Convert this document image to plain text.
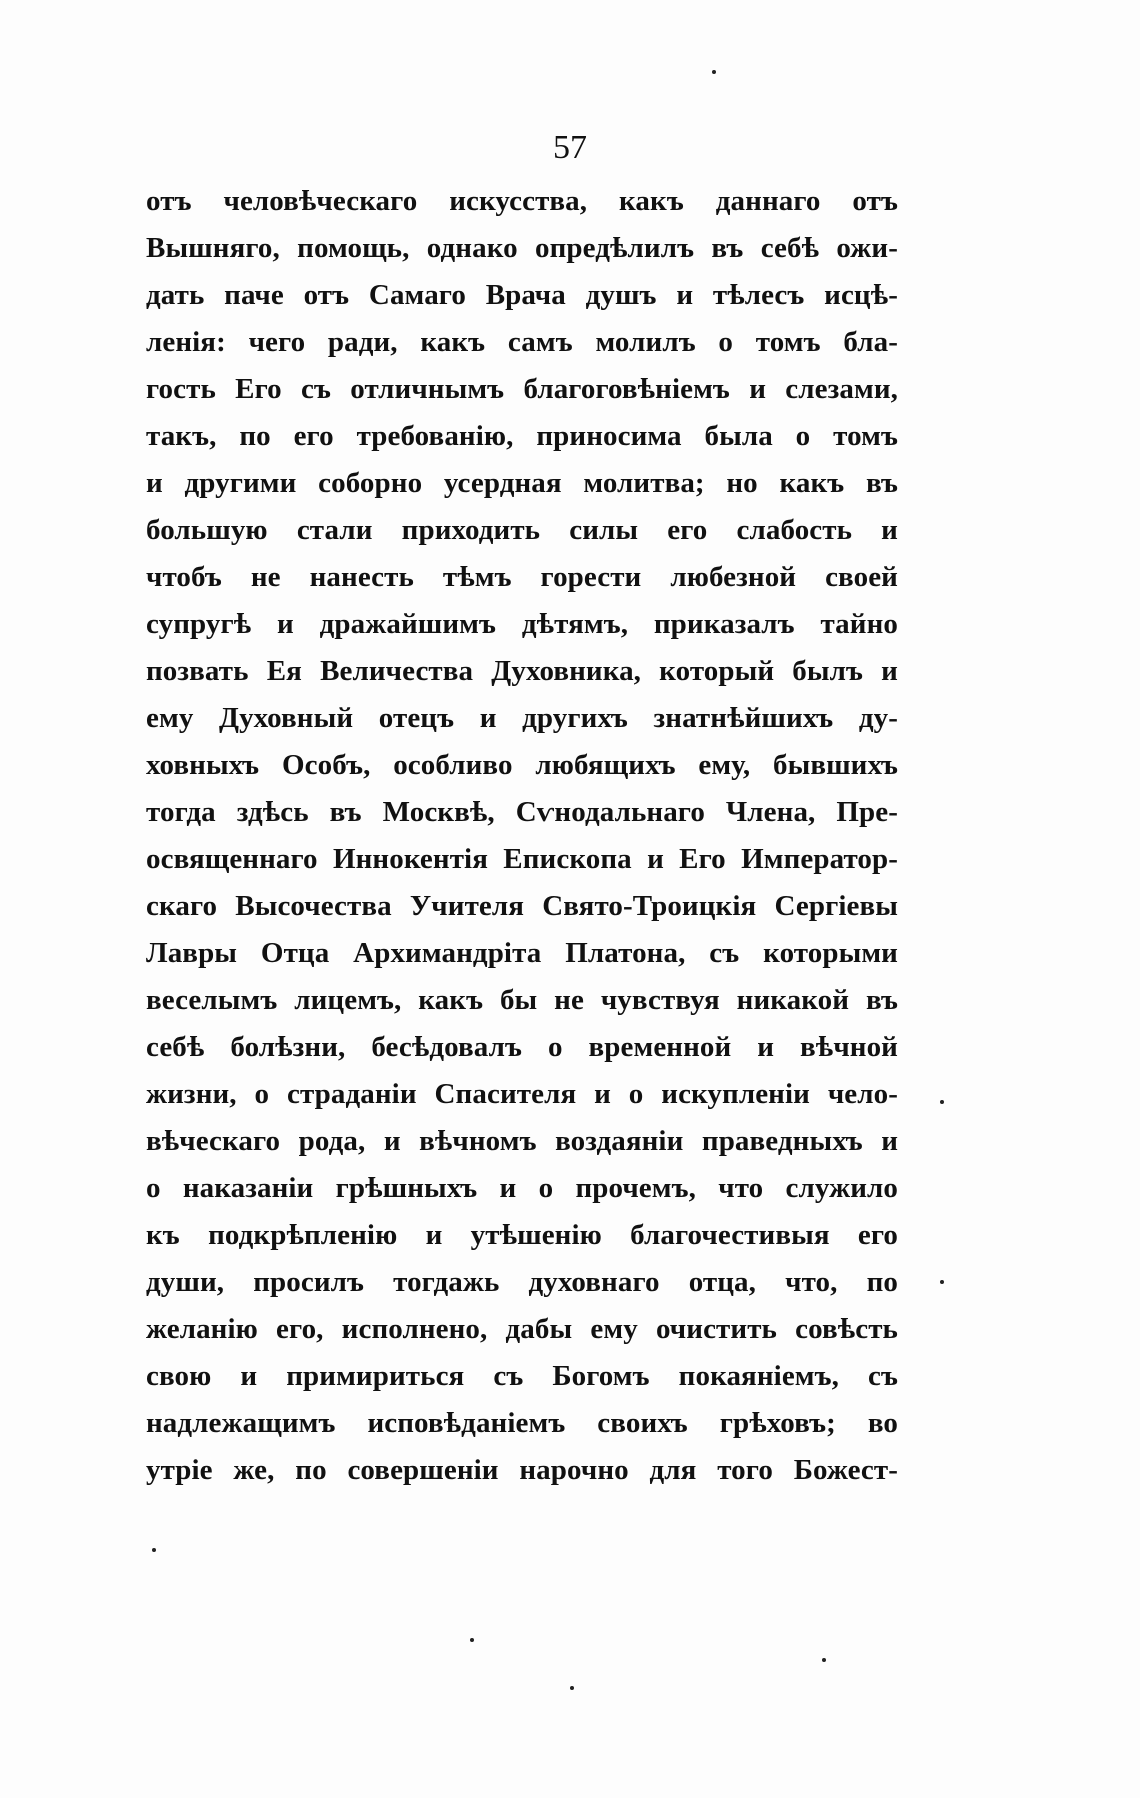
57
отъ человѣческаго искусства, какъ даннаго отъ
Вышняго, помощь, однако опредѣлилъ въ себѣ ожи-
дать паче отъ Самаго Врача душъ и тѣлесъ исцѣ-
ленія: чего ради, какъ самъ молилъ о томъ бла-
гость Его съ отличнымъ благоговѣніемъ и слезами,
такъ, по его требованію, приносима была о томъ
и другими соборно усердная молитва; но какъ въ
большую стали приходить силы его слабость и
чтобъ не нанесть тѣмъ горести любезной своей
супругѣ и дражайшимъ дѣтямъ, приказалъ тайно
позвать Ея Величества Духовника, который былъ и
ему Духовный отецъ и другихъ знатнѣйшихъ ду-
ховныхъ Особъ, особливо любящихъ ему, бывшихъ
тогда здѣсь въ Москвѣ, Сѵнодальнаго Члена, Пре-
освященнаго Иннокентія Епископа и Его Император-
скаго Высочества Учителя Свято-Троицкія Сергіевы
Лавры Отца Архимандріта Платона, съ которыми
веселымъ лицемъ, какъ бы не чувствуя никакой въ
себѣ болѣзни, бесѣдовалъ о временной и вѣчной
жизни, о страданіи Спасителя и о искупленіи чело-
вѣческаго рода, и вѣчномъ воздаяніи праведныхъ и
о наказаніи грѣшныхъ и о прочемъ, что служило
къ подкрѣпленію и утѣшенію благочестивыя его
души, просилъ тогдажь духовнаго отца, что, по
желанію его, исполнено, дабы ему очистить совѣсть
свою и примириться съ Богомъ покаяніемъ, съ
надлежащимъ исповѣданіемъ своихъ грѣховъ; во
утріе же, по совершеніи нарочно для того Божест-
